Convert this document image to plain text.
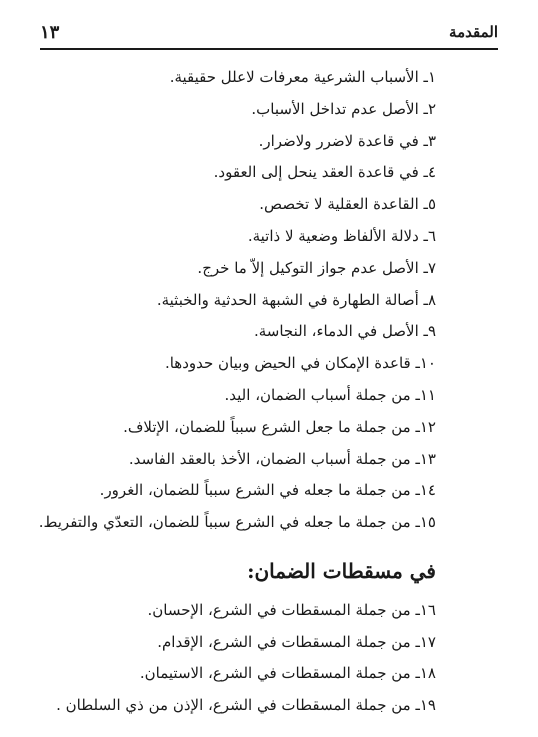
المقدمة
١٣
١ـ الأسباب الشرعية معرفات لاعلل حقيقية.
٢ـ الأصل عدم تداخل الأسباب.
٣ـ في قاعدة لاضرر ولاضرار.
٤ـ في قاعدة العقد ينحل إلى العقود.
٥ـ القاعدة العقلية لا تخصص.
٦ـ دلالة الألفاظ وضعية لا ذاتية.
٧ـ الأصل عدم جواز التوكيل إلاّ ما خرج.
٨ـ أصالة الطهارة في الشبهة الحدثية والخبثية.
٩ـ الأصل في الدماء، النجاسة.
١٠ـ قاعدة الإمكان في الحيض وبيان حدودها.
١١ـ من جملة أسباب الضمان، اليد.
١٢ـ من جملة ما جعل الشرع سبباً للضمان، الإتلاف.
١٣ـ من جملة أسباب الضمان، الأخذ بالعقد الفاسد.
١٤ـ من جملة ما جعله في الشرع سبباً للضمان، الغرور.
١٥ـ من جملة ما جعله في الشرع سبباً للضمان، التعدّي والتفريط.
في مسقطات الضمان:
١٦ـ من جملة المسقطات في الشرع، الإحسان.
١٧ـ من جملة المسقطات في الشرع، الإقدام.
١٨ـ من جملة المسقطات في الشرع، الاستيمان.
١٩ـ من جملة المسقطات في الشرع، الإذن من ذي السلطان .
